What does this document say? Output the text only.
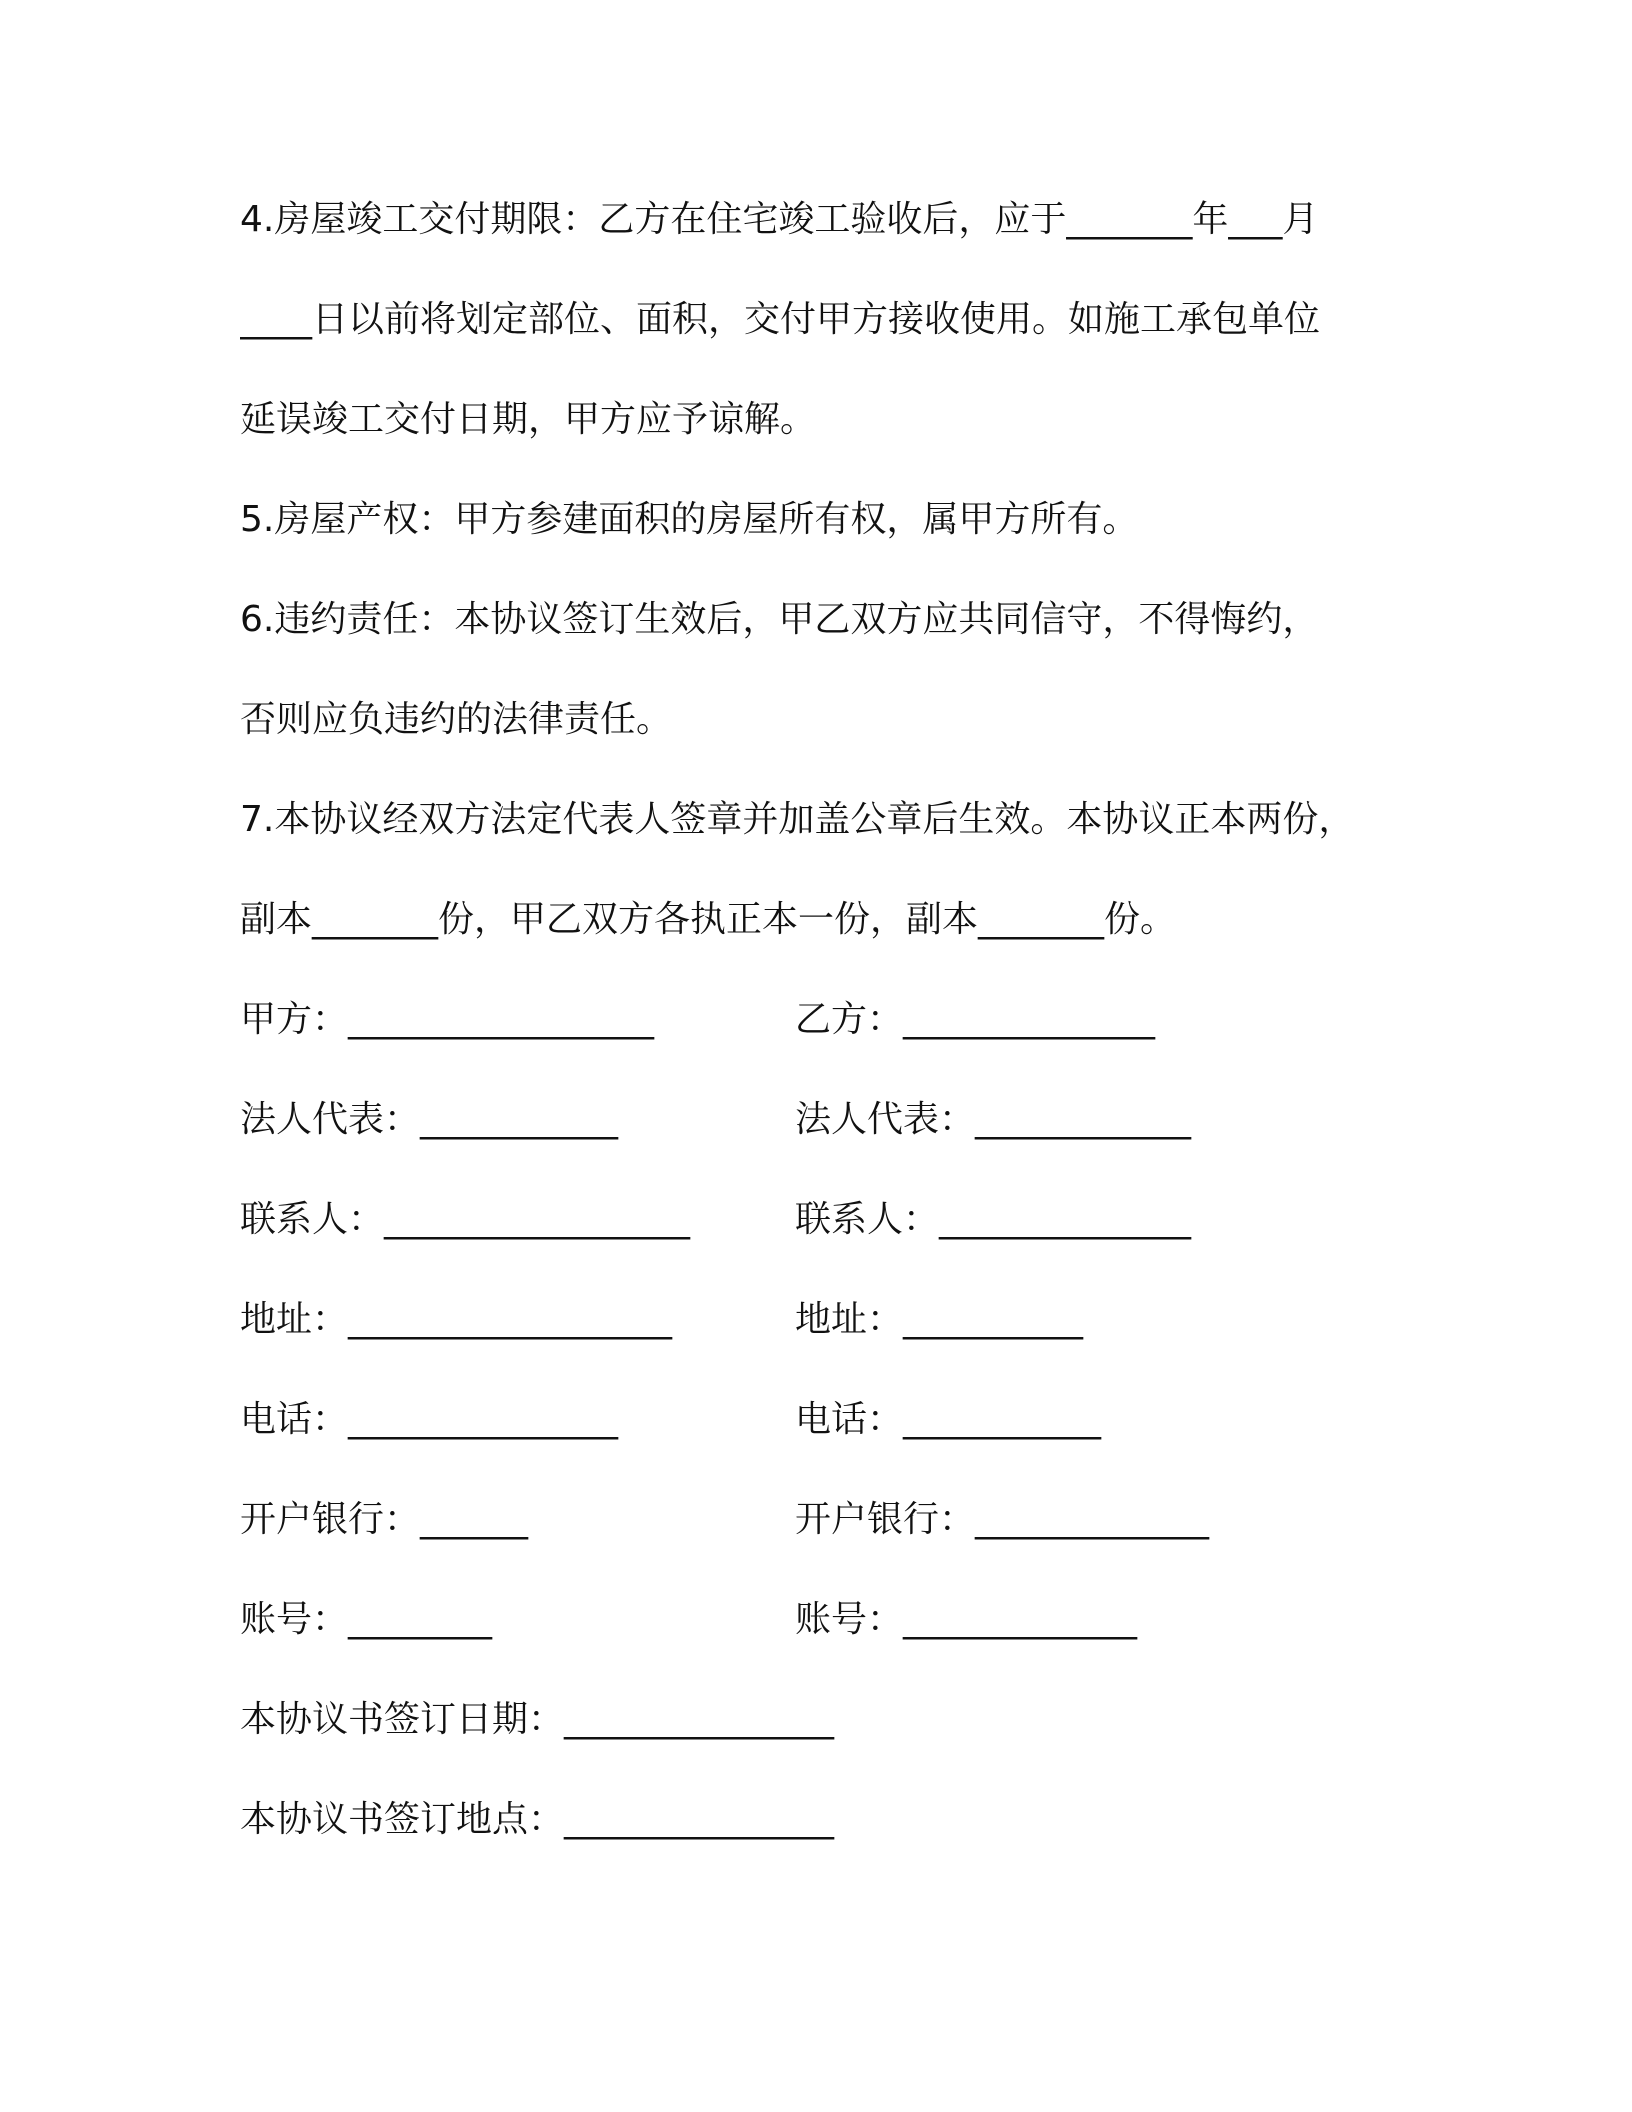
4.房屋竣工交付期限：乙方在住宅竣工验收后，应于_______年___月
____日以前将划定部位、面积，交付甲方接收使用。如施工承包单位
延误竣工交付日期，甲方应予谅解。
5.房屋产权：甲方参建面积的房屋所有权，属甲方所有。
6.违约责任：本协议签订生效后，甲乙双方应共同信守，不得悔约，
否则应负违约的法律责任。
7.本协议经双方法定代表人签章并加盖公章后生效。本协议正本两份，
副本_______份，甲乙双方各执正本一份，副本_______份。
甲方：_________________	乙方：______________
法人代表：___________	法人代表：____________
联系人：_________________	联系人：______________
地址：__________________	地址：__________
电话：_______________	电话：___________
开户银行：______	开户银行：_____________
账号：________	账号：_____________
本协议书签订日期：_______________
本协议书签订地点：_______________
